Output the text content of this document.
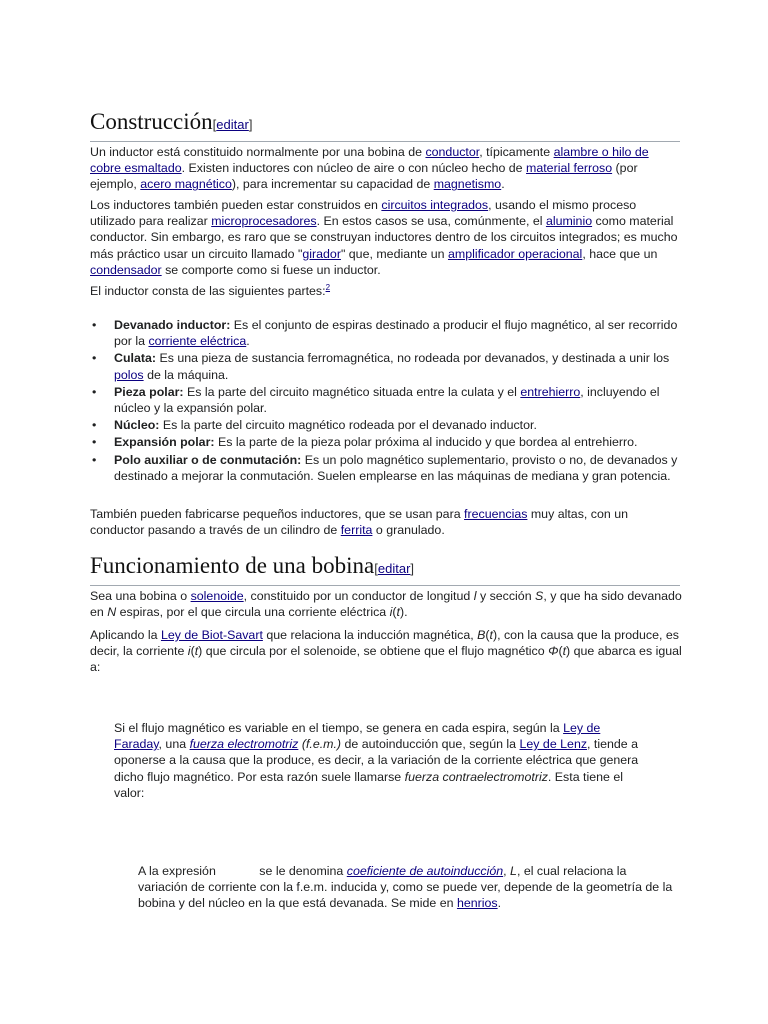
Construcción[editar]

Un inductor está constituido normalmente por una bobina de conductor, típicamente alambre o hilo de cobre esmaltado. Existen inductores con núcleo de aire o con núcleo hecho de material ferroso (por ejemplo, acero magnético), para incrementar su capacidad de magnetismo.

Los inductores también pueden estar construidos en circuitos integrados, usando el mismo proceso utilizado para realizar microprocesadores. En estos casos se usa, comúnmente, el aluminio como material conductor. Sin embargo, es raro que se construyan inductores dentro de los circuitos integrados; es mucho más práctico usar un circuito llamado "girador" que, mediante un amplificador operacional, hace que un condensador se comporte como si fuese un inductor.

El inductor consta de las siguientes partes:$^2$

• Devanado inductor: Es el conjunto de espiras destinado a producir el flujo magnético, al ser recorrido por la corriente eléctrica.
• Culata: Es una pieza de sustancia ferromagnética, no rodeada por devanados, y destinada a unir los polos de la máquina.
• Pieza polar: Es la parte del circuito magnético situada entre la culata y el entrehierro, incluyendo el núcleo y la expansión polar.
• Núcleo: Es la parte del circuito magnético rodeada por el devanado inductor.
• Expansión polar: Es la parte de la pieza polar próxima al inducido y que bordea al entrehierro.
• Polo auxiliar o de conmutación: Es un polo magnético suplementario, provisto o no, de devanados y destinado a mejorar la conmutación. Suelen emplearse en las máquinas de mediana y gran potencia.

También pueden fabricarse pequeños inductores, que se usan para frecuencias muy altas, con un conductor pasando a través de un cilindro de ferrita o granulado.

Funcionamiento de una bobina[editar]

Sea una bobina o solenoide, constituido por un conductor de longitud l y sección S, y que ha sido devanado en N espiras, por el que circula una corriente eléctrica i(t).

Aplicando la Ley de Biot-Savart que relaciona la inducción magnética, B(t), con la causa que la produce, es decir, la corriente i(t) que circula por el solenoide, se obtiene que el flujo magnético Φ(t) que abarca es igual a:

Si el flujo magnético es variable en el tiempo, se genera en cada espira, según la Ley de Faraday, una fuerza electromotriz (f.e.m.) de autoinducción que, según la Ley de Lenz, tiende a oponerse a la causa que la produce, es decir, a la variación de la corriente eléctrica que genera dicho flujo magnético. Por esta razón suele llamarse fuerza contraelectromotriz. Esta tiene el valor:

A la expresión	se le denomina coeficiente de autoinducción, L, el cual relaciona la variación de corriente con la f.e.m. inducida y, como se puede ver, depende de la geometría de la bobina y del núcleo en la que está devanada. Se mide en henrios.
